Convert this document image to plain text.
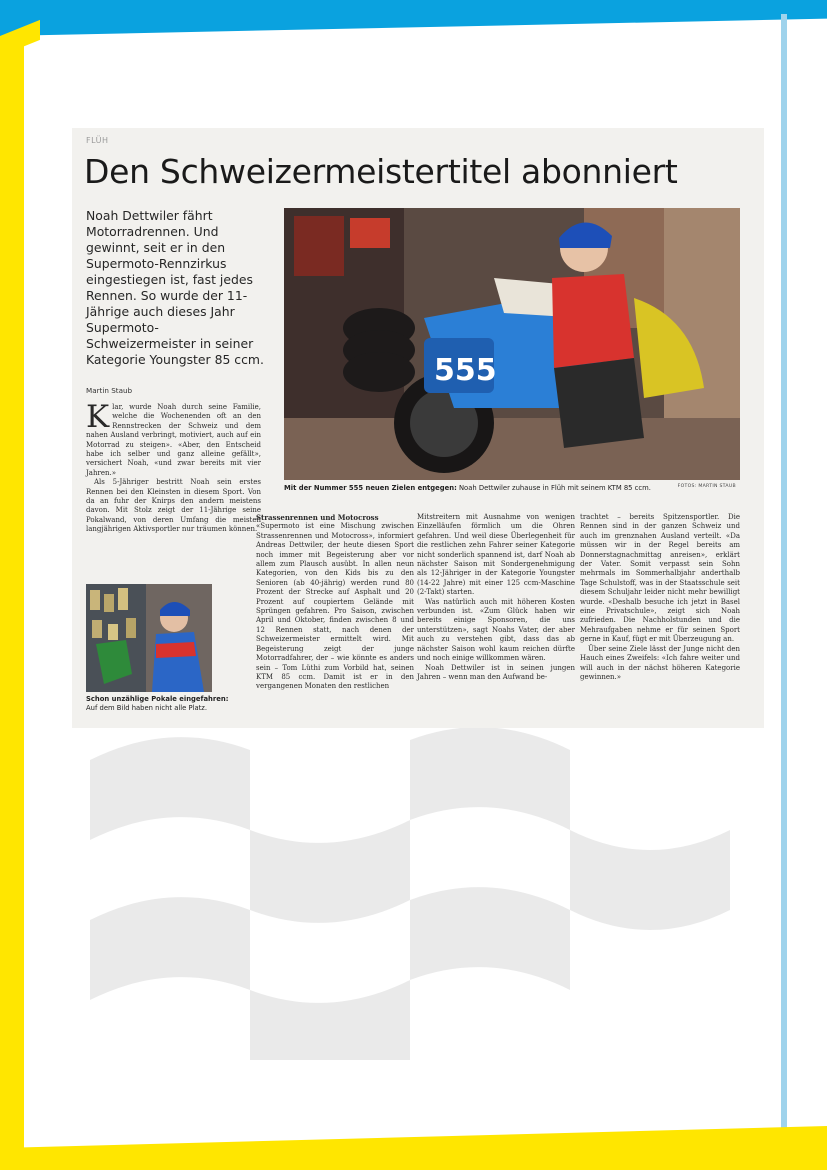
FLÜH
Den Schweizermeistertitel abonniert
Noah Dettwiler fährt Motorradrennen. Und gewinnt, seit er in den Supermoto-Rennzirkus eingestiegen ist, fast jedes Rennen. So wurde der 11-Jährige auch dieses Jahr Supermoto-Schweizermeister in seiner Kategorie Youngster 85 ccm.
Martin Staub
555
Mit der Nummer 555 neuen Zielen entgegen: Noah Dettwiler zuhause in Flüh mit seinem KTM 85 ccm.	FOTOS: MARTIN STAUB

Klar, wurde Noah durch seine Familie, welche die Wochenenden oft an den Rennstrecken der Schweiz und dem nahen Ausland verbringt, motiviert, auch auf ein Motorrad zu steigen». «Aber, den Entscheid habe ich selber und ganz alleine gefällt», versichert Noah, «und zwar bereits mit vier Jahren.»

Als 5-Jähriger bestritt Noah sein erstes Rennen bei den Kleinsten in diesem Sport. Von da an fuhr der Knirps den andern meistens davon. Mit Stolz zeigt der 11-Jährige seine Pokalwand, von deren Umfang die meisten langjährigen Aktivsportler nur träumen können.

Schon unzählige Pokale eingefahren:
Auf dem Bild haben nicht alle Platz.

Strassenrennen und Motocross

«Supermoto ist eine Mischung zwischen Strassenrennen und Motocross», informiert Andreas Dettwiler, der heute diesen Sport noch immer mit Begeisterung aber vor allem zum Plausch ausübt. In allen neun Kategorien, von den Kids bis zu den Senioren (ab 40-jährig) werden rund 80 Prozent der Strecke auf Asphalt und 20 Prozent auf coupiertem Gelände mit Sprüngen gefahren. Pro Saison, zwischen April und Oktober, finden zwischen 8 und 12 Rennen statt, nach denen der Schweizermeister ermittelt wird. Mit Begeisterung zeigt der junge Motorradfahrer, der – wie könnte es anders sein – Tom Lüthi zum Vorbild hat, seinen KTM 85 ccm. Damit ist er in den vergangenen Monaten den restlichen

Mitstreitern mit Ausnahme von wenigen Einzelläufen förmlich um die Ohren gefahren. Und weil diese Überlegenheit für die restlichen zehn Fahrer seiner Kategorie nicht sonderlich spannend ist, darf Noah ab nächster Saison mit Sondergenehmigung als 12-Jähriger in der Kategorie Youngster (14-22 Jahre) mit einer 125 ccm-Maschine (2-Takt) starten.

Was natürlich auch mit höheren Kosten verbunden ist. «Zum Glück haben wir bereits einige Sponsoren, die uns unterstützen», sagt Noahs Vater, der aber auch zu verstehen gibt, dass das ab nächster Saison wohl kaum reichen dürfte und noch einige willkommen wären.

Noah Dettwiler ist in seinen jungen Jahren – wenn man den Aufwand be-

trachtet – bereits Spitzensportler. Die Rennen sind in der ganzen Schweiz und auch im grenznahen Ausland verteilt. «Da müssen wir in der Regel bereits am Donnerstagnachmittag anreisen», erklärt der Vater. Somit verpasst sein Sohn mehrmals im Sommerhalbjahr anderthalb Tage Schulstoff, was in der Staatsschule seit diesem Schuljahr leider nicht mehr bewilligt wurde. «Deshalb besuche ich jetzt in Basel eine Privatschule», zeigt sich Noah zufrieden. Die Nachholstunden und die Mehraufgaben nehme er für seinen Sport gerne in Kauf, fügt er mit Überzeugung an.

Über seine Ziele lässt der Junge nicht den Hauch eines Zweifels: «Ich fahre weiter und will auch in der nächst höheren Kategorie gewinnen.»
